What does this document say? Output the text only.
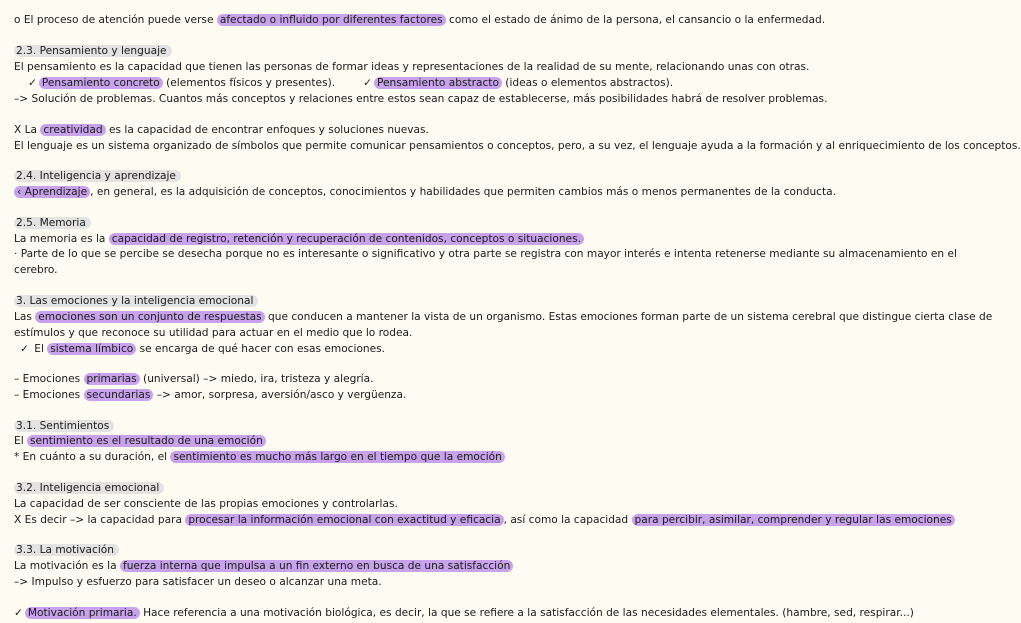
o El proceso de atención puede verse afectado o influido por diferentes factores como el estado de ánimo de la persona, el cansancio o la enfermedad.
2.3. Pensamiento y lenguaje
El pensamiento es la capacidad que tienen las personas de formar ideas y representaciones de la realidad de su mente, relacionando unas con otras.
✓ Pensamiento concreto (elementos físicos y presentes).	✓ Pensamiento abstracto (ideas o elementos abstractos).
–> Solución de problemas. Cuantos más conceptos y relaciones entre estos sean capaz de establecerse, más posibilidades habrá de resolver problemas.
X La creatividad es la capacidad de encontrar enfoques y soluciones nuevas.
El lenguaje es un sistema organizado de símbolos que permite comunicar pensamientos o conceptos, pero, a su vez, el lenguaje ayuda a la formación y al enriquecimiento de los conceptos.
2.4. Inteligencia y aprendizaje
‹ Aprendizaje , en general, es la adquisición de conceptos, conocimientos y habilidades que permiten cambios más o menos permanentes de la conducta.
2.5. Memoria
La memoria es la capacidad de registro, retención y recuperación de contenidos, conceptos o situaciones.
· Parte de lo que se percibe se desecha porque no es interesante o significativo y otra parte se registra con mayor interés e intenta retenerse mediante su almacenamiento en el
cerebro.
3. Las emociones y la inteligencia emocional
Las emociones son un conjunto de respuestas que conducen a mantener la vista de un organismo. Estas emociones forman parte de un sistema cerebral que distingue cierta clase de
estímulos y que reconoce su utilidad para actuar en el medio que lo rodea.
✓ El sistema límbico se encarga de qué hacer con esas emociones.
– Emociones primarias (universal) –> miedo, ira, tristeza y alegría.
– Emociones secundarias –> amor, sorpresa, aversión/asco y vergüenza.
3.1. Sentimientos
El sentimiento es el resultado de una emoción
* En cuánto a su duración, el sentimiento es mucho más largo en el tiempo que la emoción
3.2. Inteligencia emocional
La capacidad de ser consciente de las propias emociones y controlarlas.
X Es decir –> la capacidad para procesar la información emocional con exactitud y eficacia , así como la capacidad para percibir, asimilar, comprender y regular las emociones
3.3. La motivación
La motivación es la fuerza interna que impulsa a un fin externo en busca de una satisfacción
–> Impulso y esfuerzo para satisfacer un deseo o alcanzar una meta.
✓ Motivación primaria. Hace referencia a una motivación biológica, es decir, la que se refiere a la satisfacción de las necesidades elementales. (hambre, sed, respirar...)
